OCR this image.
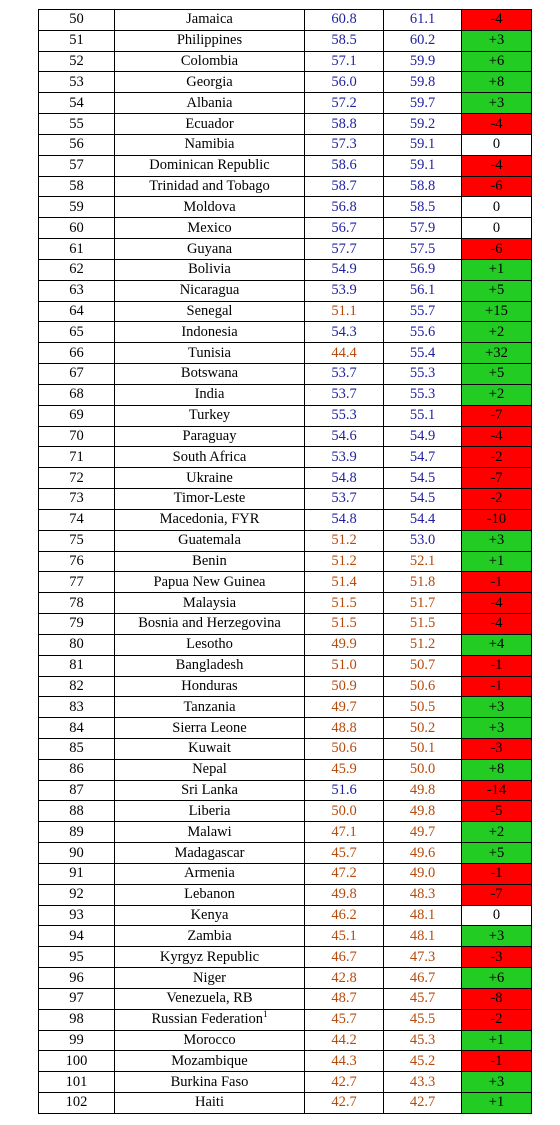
50	Jamaica	60.8	61.1	-4
51	Philippines	58.5	60.2	+3
52	Colombia	57.1	59.9	+6
53	Georgia	56.0	59.8	+8
54	Albania	57.2	59.7	+3
55	Ecuador	58.8	59.2	-4
56	Namibia	57.3	59.1	0
57	Dominican Republic	58.6	59.1	-4
58	Trinidad and Tobago	58.7	58.8	-6
59	Moldova	56.8	58.5	0
60	Mexico	56.7	57.9	0
61	Guyana	57.7	57.5	-6
62	Bolivia	54.9	56.9	+1
63	Nicaragua	53.9	56.1	+5
64	Senegal	51.1	55.7	+15
65	Indonesia	54.3	55.6	+2
66	Tunisia	44.4	55.4	+32
67	Botswana	53.7	55.3	+5
68	India	53.7	55.3	+2
69	Turkey	55.3	55.1	-7
70	Paraguay	54.6	54.9	-4
71	South Africa	53.9	54.7	-2
72	Ukraine	54.8	54.5	-7
73	Timor-Leste	53.7	54.5	-2
74	Macedonia, FYR	54.8	54.4	-10
75	Guatemala	51.2	53.0	+3
76	Benin	51.2	52.1	+1
77	Papua New Guinea	51.4	51.8	-1
78	Malaysia	51.5	51.7	-4
79	Bosnia and Herzegovina	51.5	51.5	-4
80	Lesotho	49.9	51.2	+4
81	Bangladesh	51.0	50.7	-1
82	Honduras	50.9	50.6	-1
83	Tanzania	49.7	50.5	+3
84	Sierra Leone	48.8	50.2	+3
85	Kuwait	50.6	50.1	-3
86	Nepal	45.9	50.0	+8
87	Sri Lanka	51.6	49.8	-14
88	Liberia	50.0	49.8	-5
89	Malawi	47.1	49.7	+2
90	Madagascar	45.7	49.6	+5
91	Armenia	47.2	49.0	-1
92	Lebanon	49.8	48.3	-7
93	Kenya	46.2	48.1	0
94	Zambia	45.1	48.1	+3
95	Kyrgyz Republic	46.7	47.3	-3
96	Niger	42.8	46.7	+6
97	Venezuela, RB	48.7	45.7	-8
98	Russian Federation$^1$	45.7	45.5	-2
99	Morocco	44.2	45.3	+1
100	Mozambique	44.3	45.2	-1
101	Burkina Faso	42.7	43.3	+3
102	Haiti	42.7	42.7	+1
